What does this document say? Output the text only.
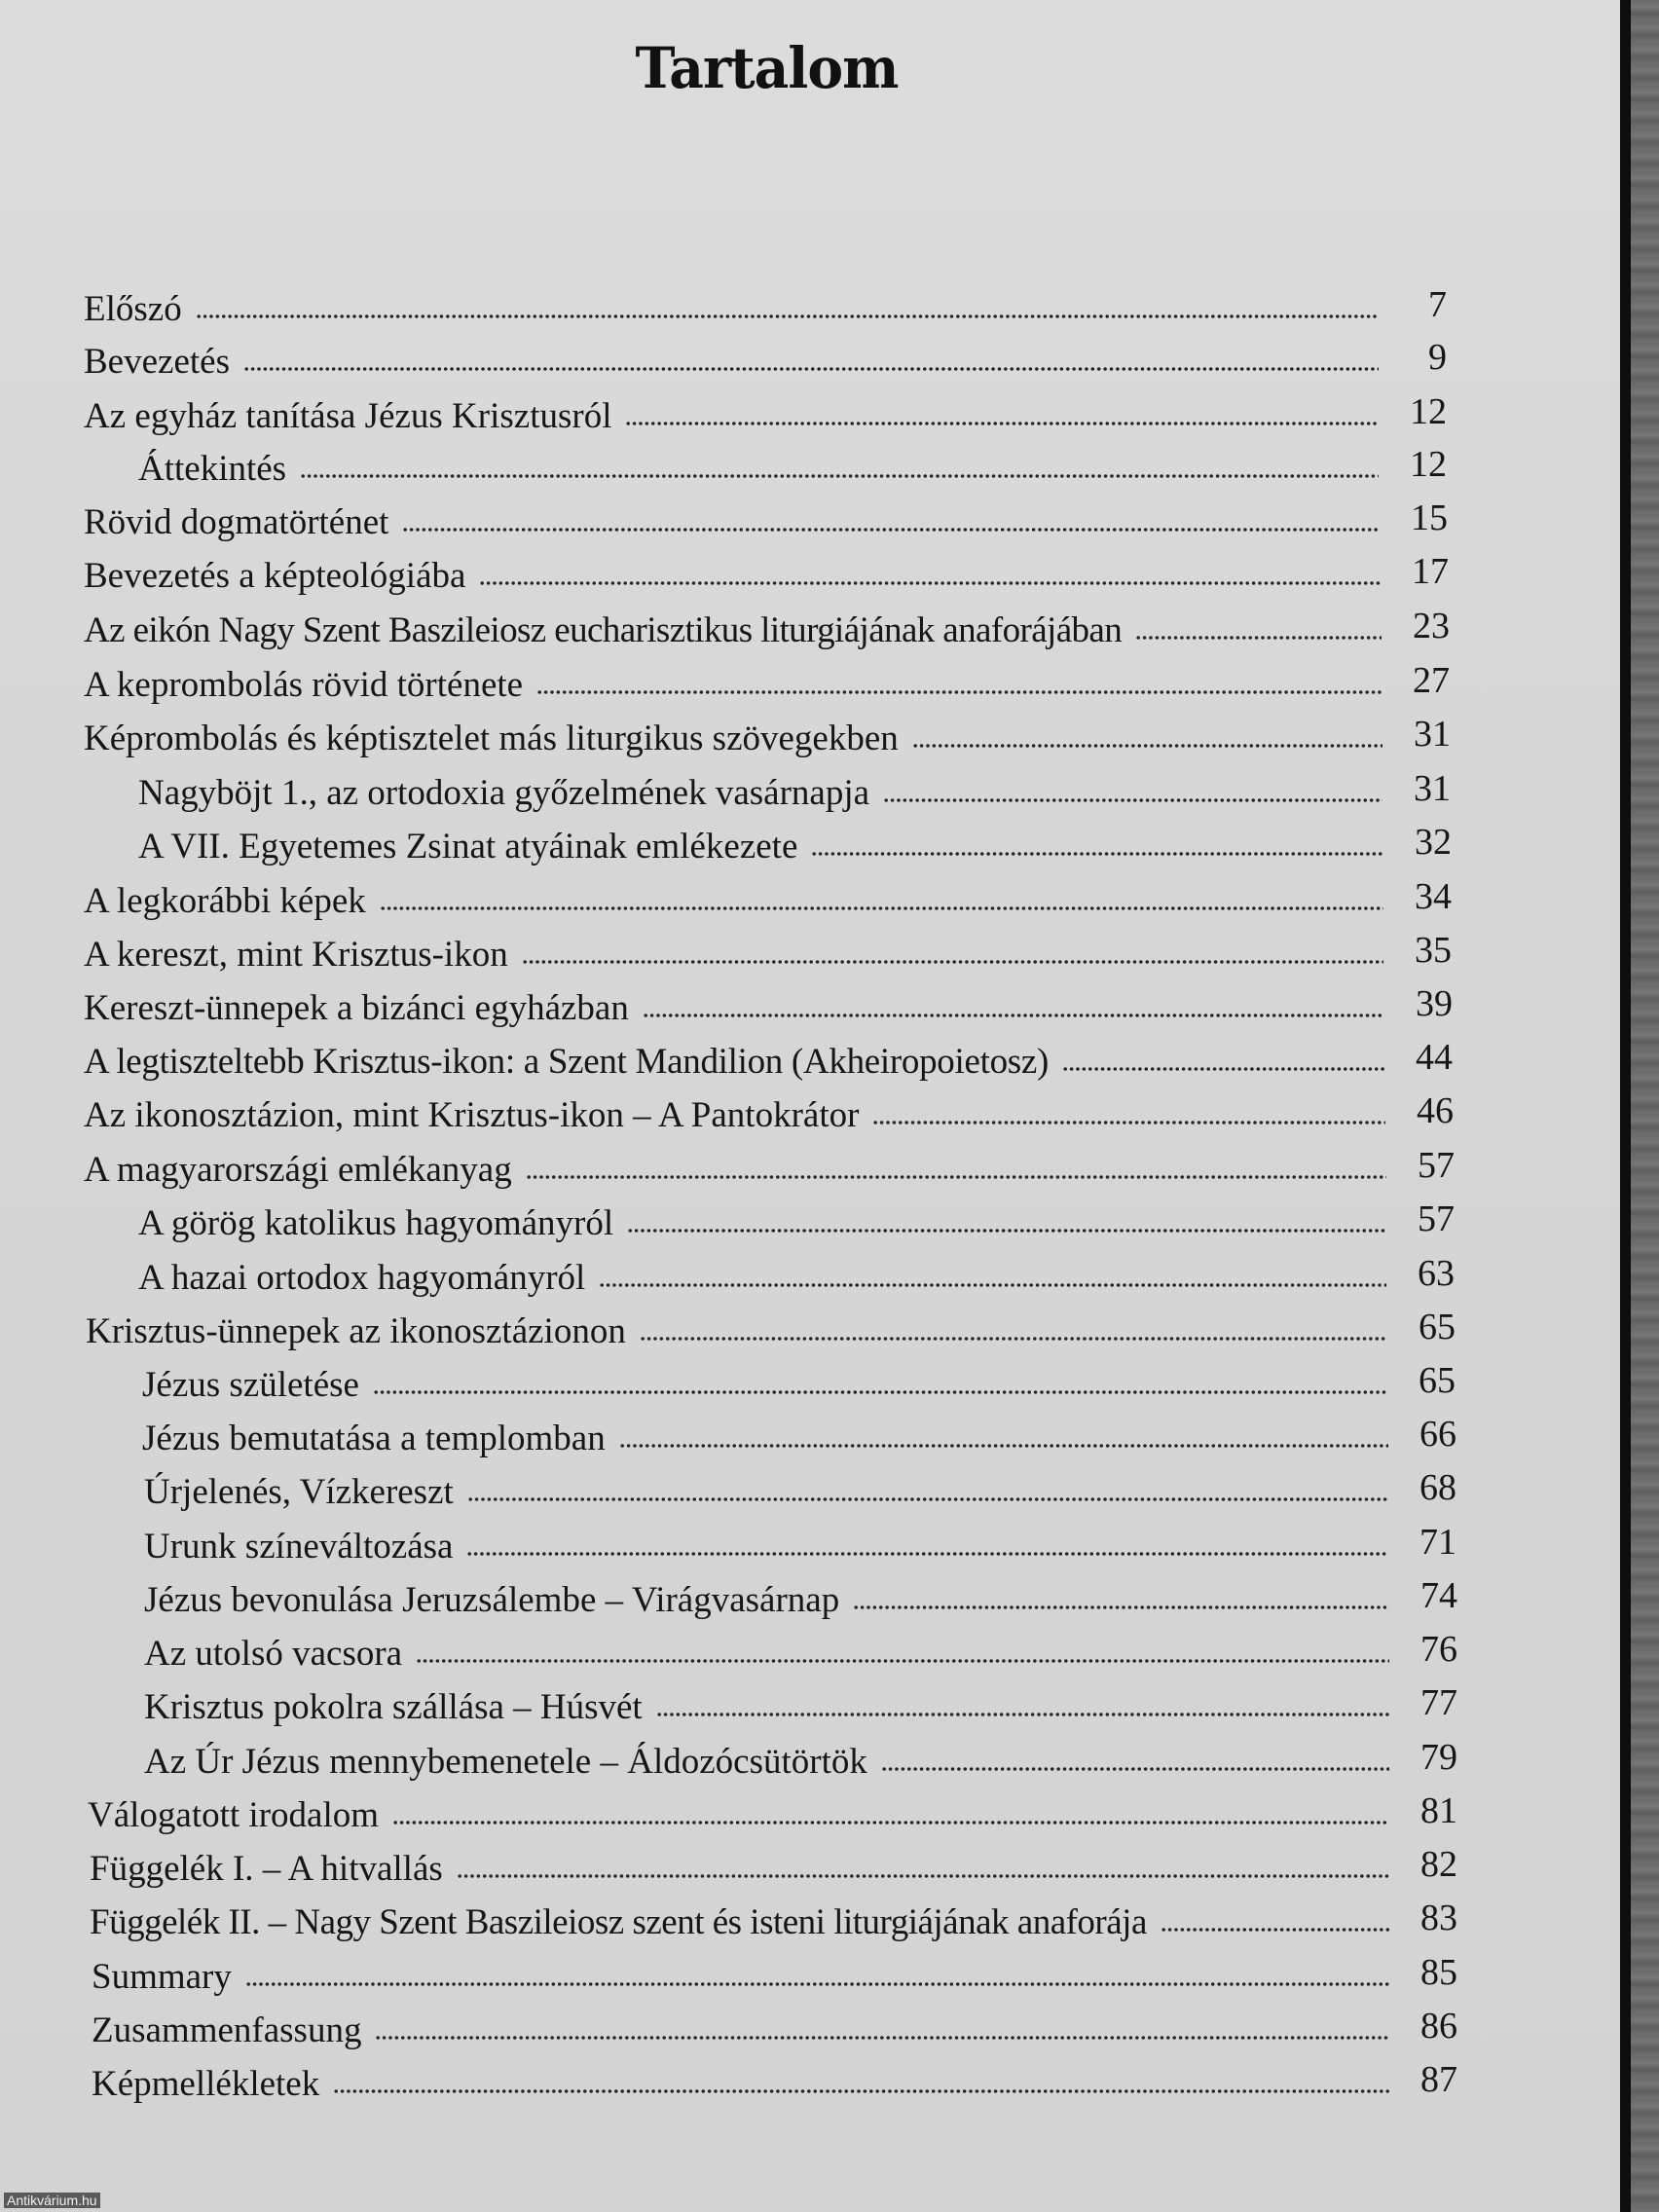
Tartalom
Előszó	7
Bevezetés	9
Az egyház tanítása Jézus Krisztusról	12
Áttekintés	12
Rövid dogmatörténet	15
Bevezetés a képteológiába	17
Az eikón Nagy Szent Baszileiosz eucharisztikus liturgiájának anaforájában	23
A keprombolás rövid története	27
Képrombolás és képtisztelet más liturgikus szövegekben	31
Nagyböjt 1., az ortodoxia győzelmének vasárnapja	31
A VII. Egyetemes Zsinat atyáinak emlékezete	32
A legkorábbi képek	34
A kereszt, mint Krisztus-ikon	35
Kereszt-ünnepek a bizánci egyházban	39
A legtiszteltebb Krisztus-ikon: a Szent Mandilion (Akheiropoietosz)	44
Az ikonosztázion, mint Krisztus-ikon – A Pantokrátor	46
A magyarországi emlékanyag	57
A görög katolikus hagyományról	57
A hazai ortodox hagyományról	63
Krisztus-ünnepek az ikonosztázionon	65
Jézus születése	65
Jézus bemutatása a templomban	66
Úrjelenés, Vízkereszt	68
Urunk színeváltozása	71
Jézus bevonulása Jeruzsálembe – Virágvasárnap	74
Az utolsó vacsora	76
Krisztus pokolra szállása – Húsvét	77
Az Úr Jézus mennybemenetele – Áldozócsütörtök	79
Válogatott irodalom	81
Függelék I. – A hitvallás	82
Függelék II. – Nagy Szent Baszileiosz szent és isteni liturgiájának anaforája	83
Summary	85
Zusammenfassung	86
Képmellékletek	87
Antikvárium.hu
